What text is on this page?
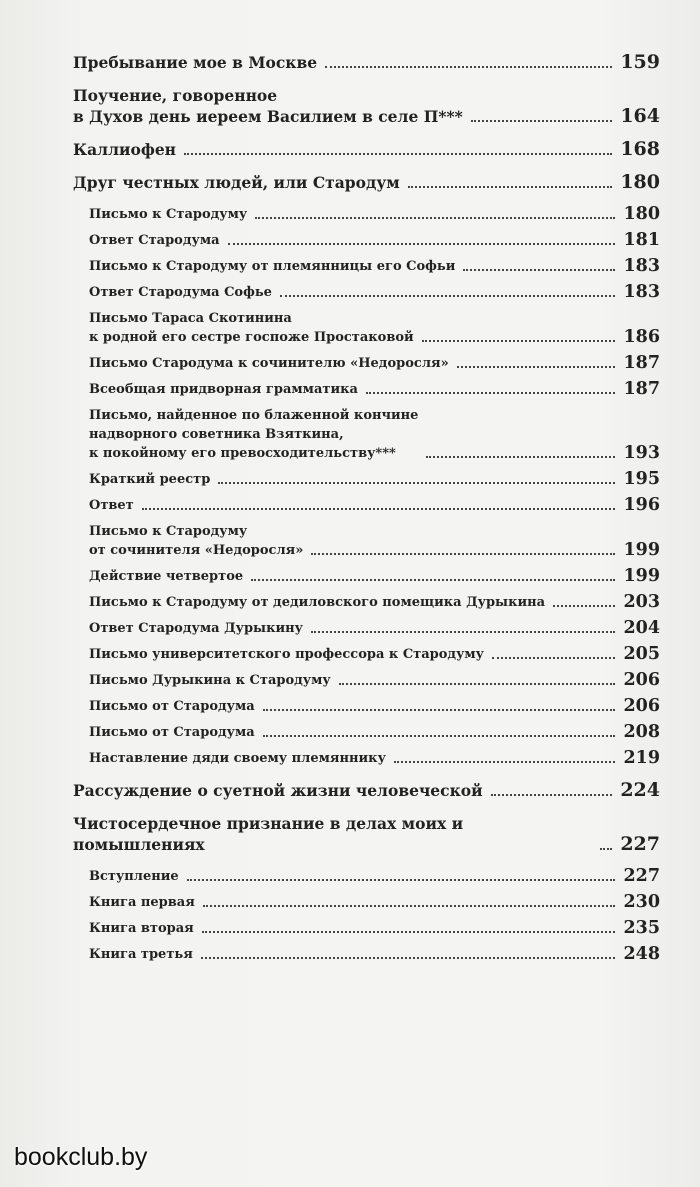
Пребывание мое в Москве	159
Поучение, говоренное
в Духов день иереем Василием в селе П***	164
Каллиофен	168
Друг честных людей, или Стародум	180
Письмо к Стародуму	180
Ответ Стародума	181
Письмо к Стародуму от племянницы его Софьи	183
Ответ Стародума Софье	183
Письмо Тараса Скотинина
к родной его сестре госпоже Простаковой	186
Письмо Стародума к сочинителю «Недоросля»	187
Всеобщая придворная грамматика	187
Письмо, найденное по блаженной кончине
надворного советника Взяткина,
к покойному его превосходительству***	193
Краткий реестр	195
Ответ	196
Письмо к Стародуму
от сочинителя «Недоросля»	199
Действие четвертое	199
Письмо к Стародуму от дедиловского помещика Дурыкина	203
Ответ Стародума Дурыкину	204
Письмо университетского профессора к Стародуму	205
Письмо Дурыкина к Стародуму	206
Письмо от Стародума	206
Письмо от Стародума	208
Наставление дяди своему племяннику	219
Рассуждение о суетной жизни человеческой	224
Чистосердечное признание в делах моих и помышлениях	227
Вступление	227
Книга первая	230
Книга вторая	235
Книга третья	248
bookclub.by
